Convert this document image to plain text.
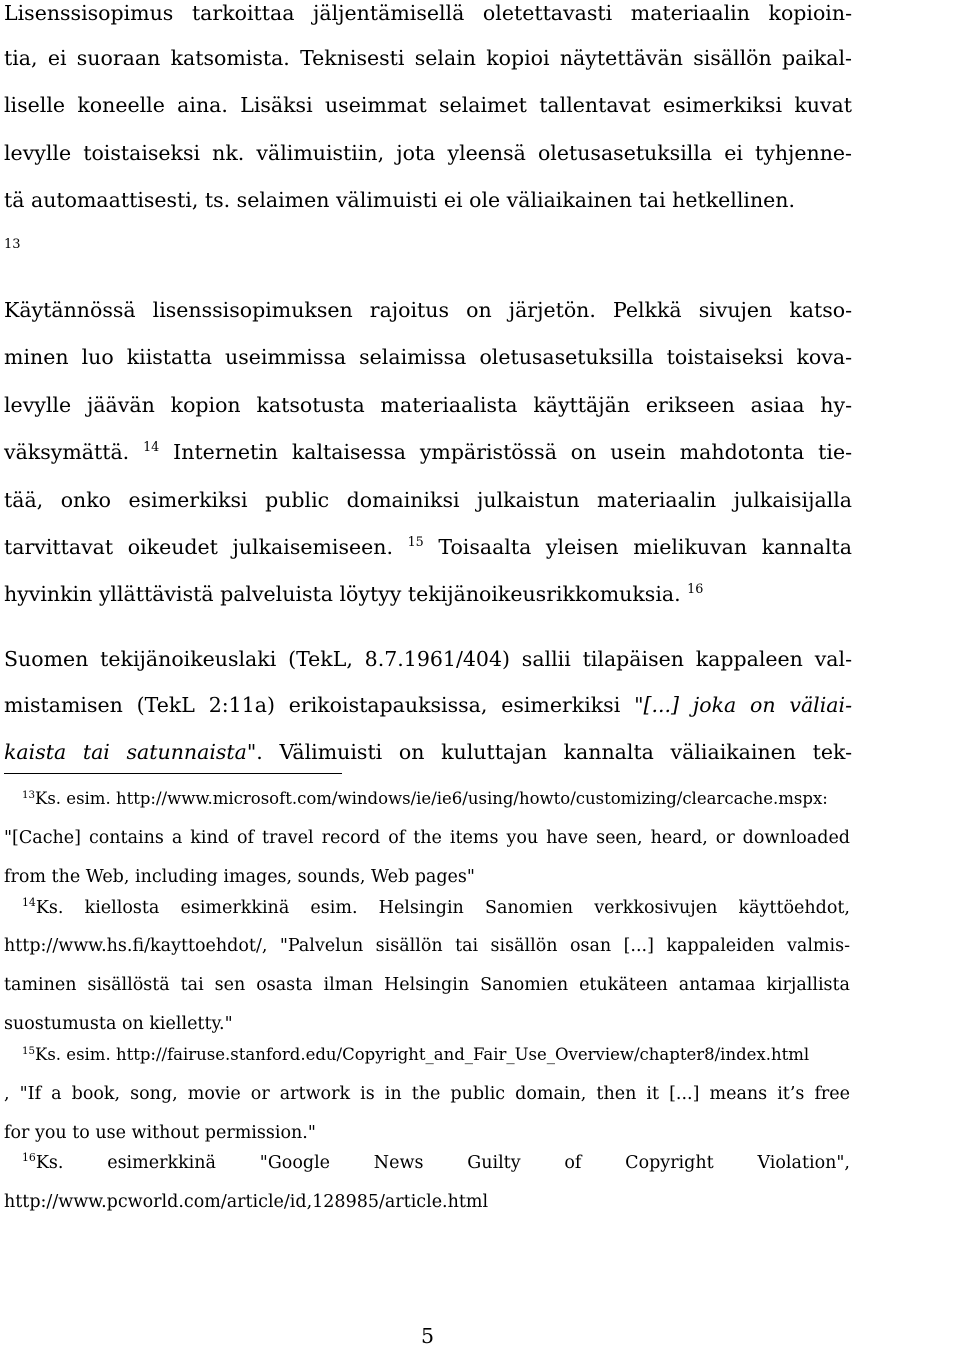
Lisenssisopimus tarkoittaa jäljentämisellä oletettavasti materiaalin kopioin-
tia, ei suoraan katsomista. Teknisesti selain kopioi näytettävän sisällön paikal-
liselle koneelle aina. Lisäksi useimmat selaimet tallentavat esimerkiksi kuvat
levylle toistaiseksi nk. välimuistiin, jota yleensä oletusasetuksilla ei tyhjenne-
tä automaattisesti, ts. selaimen välimuisti ei ole väliaikainen tai hetkellinen.
13
Käytännössä lisenssisopimuksen rajoitus on järjetön. Pelkkä sivujen katso-
minen luo kiistatta useimmissa selaimissa oletusasetuksilla toistaiseksi kova-
levylle jäävän kopion katsotusta materiaalista käyttäjän erikseen asiaa hy-
väksymättä. $^{14}$ Internetin kaltaisessa ympäristössä on usein mahdotonta tie-
tää, onko esimerkiksi public domainiksi julkaistun materiaalin julkaisijalla
tarvittavat oikeudet julkaisemiseen. $^{15}$ Toisaalta yleisen mielikuvan kannalta
hyvinkin yllättävistä palveluista löytyy tekijänoikeusrikkomuksia. $^{16}$
Suomen tekijänoikeuslaki (TekL, 8.7.1961/404) sallii tilapäisen kappaleen val-
mistamisen (TekL 2:11a) erikoistapauksissa, esimerkiksi "[...] joka on väliai-
kaista tai satunnaista". Välimuisti on kuluttajan kannalta väliaikainen tek-
$^{13}$Ks. esim. http://www.microsoft.com/windows/ie/ie6/using/howto/customizing/clearcache.mspx:
"[Cache] contains a kind of travel record of the items you have seen, heard, or downloaded
from the Web, including images, sounds, Web pages"
$^{14}$Ks. kiellosta esimerkkinä esim. Helsingin Sanomien verkkosivujen käyttöehdot,
http://www.hs.fi/kayttoehdot/, "Palvelun sisällön tai sisällön osan [...] kappaleiden valmis-
taminen sisällöstä tai sen osasta ilman Helsingin Sanomien etukäteen antamaa kirjallista
suostumusta on kielletty."
$^{15}$Ks. esim. http://fairuse.stanford.edu/Copyright_and_Fair_Use_Overview/chapter8/index.html
, "If a book, song, movie or artwork is in the public domain, then it [...] means it’s free
for you to use without permission."
$^{16}$Ks. esimerkkinä "Google News Guilty of Copyright Violation",
http://www.pcworld.com/article/id,128985/article.html
5
